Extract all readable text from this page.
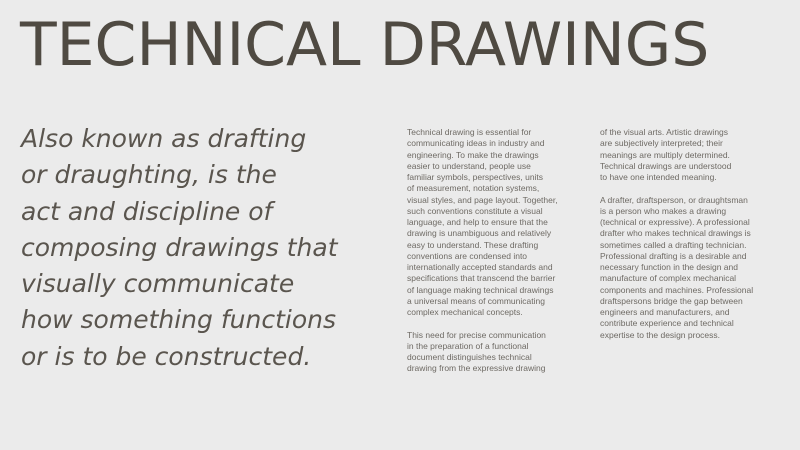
TECHNICAL DRAWINGS
Also known as drafting
or draughting, is the
act and discipline of
composing drawings that
visually communicate
how something functions
or is to be constructed.

Technical drawing is essential for
communicating ideas in industry and
engineering. To make the drawings
easier to understand, people use
familiar symbols, perspectives, units
of measurement, notation systems,
visual styles, and page layout. Together,
such conventions constitute a visual
language, and help to ensure that the
drawing is unambiguous and relatively
easy to understand. These drafting
conventions are condensed into
internationally accepted standards and
specifications that transcend the barrier
of language making technical drawings
a universal means of communicating
complex mechanical concepts.

This need for precise communication
in the preparation of a functional
document distinguishes technical
drawing from the expressive drawing

of the visual arts. Artistic drawings
are subjectively interpreted; their
meanings are multiply determined.
Technical drawings are understood
to have one intended meaning.

A drafter, draftsperson, or draughtsman
is a person who makes a drawing
(technical or expressive). A professional
drafter who makes technical drawings is
sometimes called a drafting technician.
Professional drafting is a desirable and
necessary function in the design and
manufacture of complex mechanical
components and machines. Professional
draftspersons bridge the gap between
engineers and manufacturers, and
contribute experience and technical
expertise to the design process.
